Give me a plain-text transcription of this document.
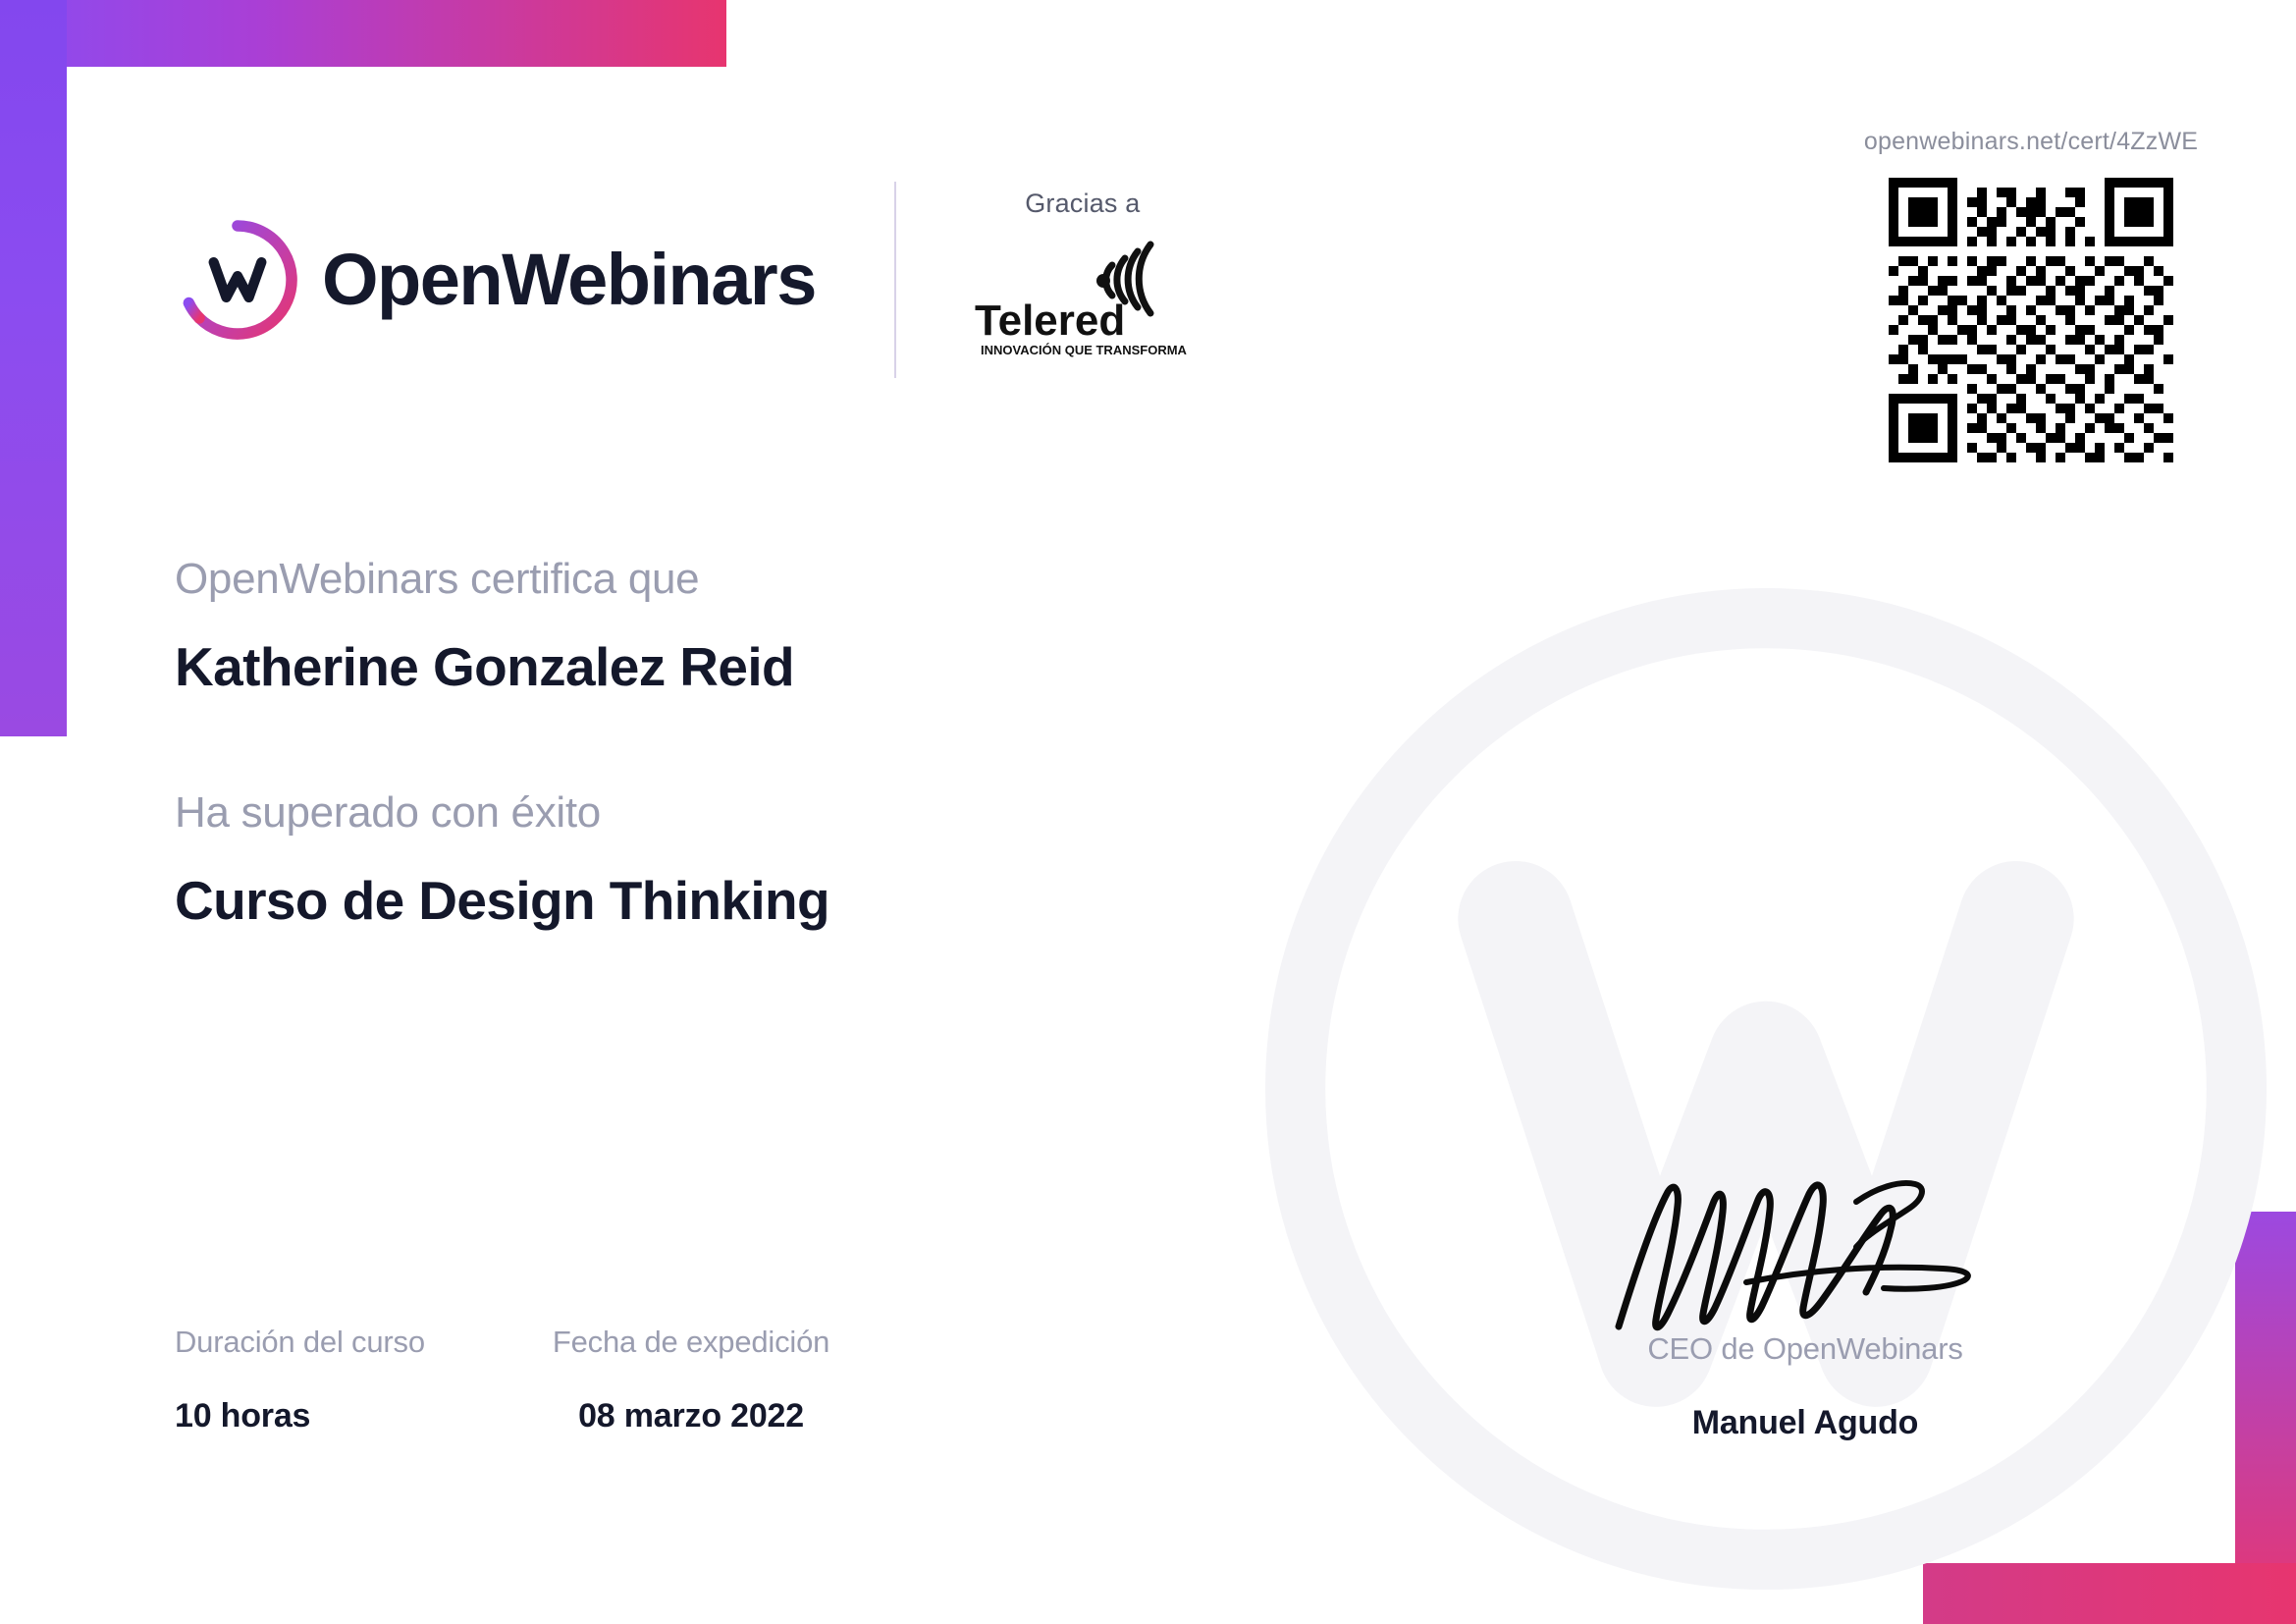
OpenWebinars
Gracias a
Telered
INNOVACIÓN QUE TRANSFORMA
openwebinars.net/cert/4ZzWE
OpenWebinars certifica que
Katherine Gonzalez Reid
Ha superado con éxito
Curso de Design Thinking
Duración del curso
10 horas
Fecha de expedición
08 marzo 2022
CEO de OpenWebinars
Manuel Agudo
